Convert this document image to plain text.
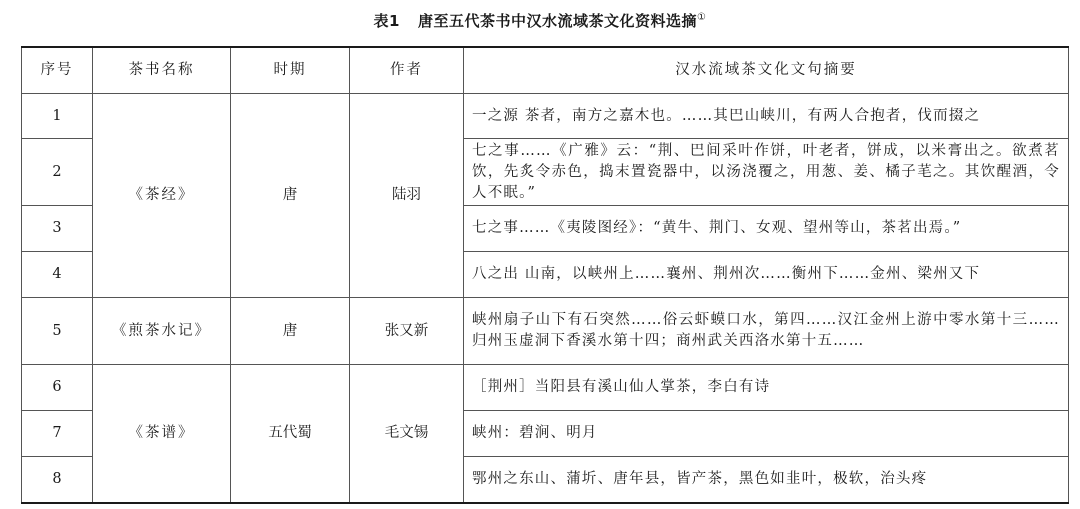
表1 唐至五代茶书中汉水流域茶文化资料选摘①
序号	茶书名称	时期	作者	汉水流域茶文化文句摘要
1	《茶经》	唐	陆羽	一之源 茶者，南方之嘉木也。……其巴山峡川，有两人合抱者，伐而掇之
2				七之事……《广雅》云：“荆、巴间采叶作饼，叶老者，饼成，以米膏出之。欲煮茗饮，先炙令赤色，捣末置瓷器中，以汤浇覆之，用葱、姜、橘子芼之。其饮醒酒，令人不眠。”
3				七之事……《夷陵图经》：“黄牛、荆门、女观、望州等山，茶茗出焉。”
4				八之出 山南，以峡州上……襄州、荆州次……衡州下……金州、梁州又下
5	《煎茶水记》	唐	张又新	峡州扇子山下有石突然……俗云虾蟆口水，第四……汉江金州上游中零水第十三……归州玉虚洞下香溪水第十四；商州武关西洛水第十五……
6	《茶谱》	五代蜀	毛文锡	［荆州］当阳县有溪山仙人掌茶，李白有诗
7				峡州：碧涧、明月
8				鄂州之东山、蒲圻、唐年县，皆产茶，黑色如韭叶，极软，治头疼
